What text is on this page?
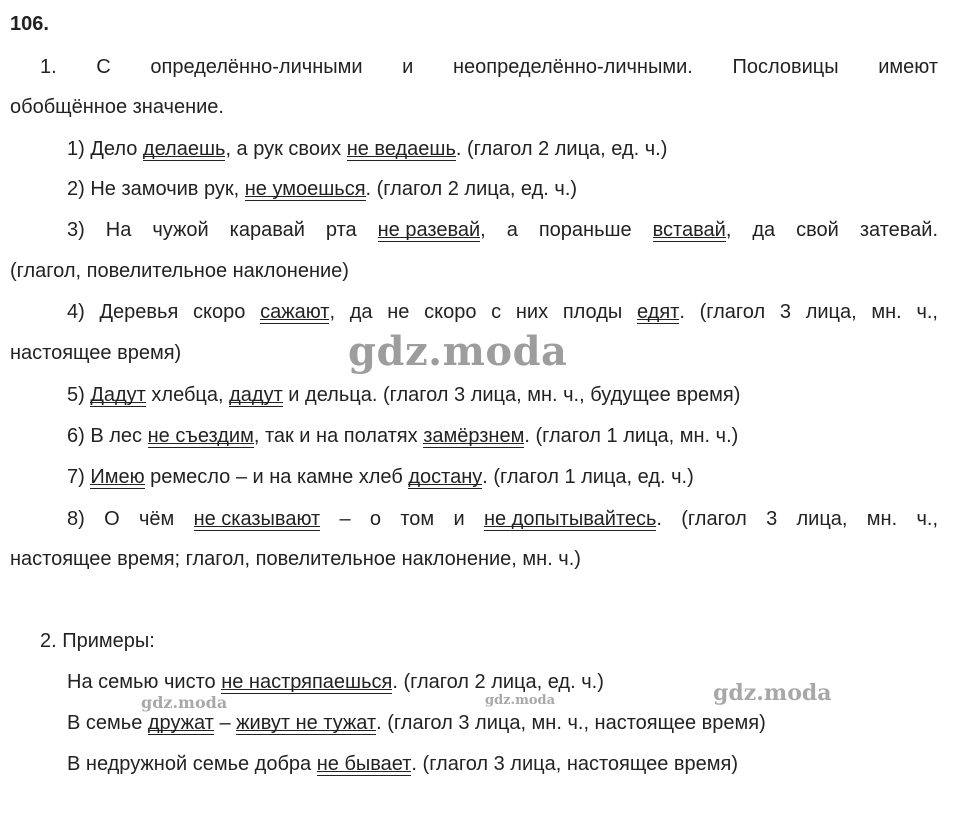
106.
1. С определённо-личными и неопределённо-личными. Пословицы имеют
обобщённое значение.
1) Дело делаешь, а рук своих не ведаешь. (глагол 2 лица, ед. ч.)
2) Не замочив рук, не умоешься. (глагол 2 лица, ед. ч.)
3) На чужой каравай рта не разевай, а пораньше вставай, да свой затевай.
(глагол, повелительное наклонение)
4) Деревья скоро сажают, да не скоро с них плоды едят. (глагол 3 лица, мн. ч.,
настоящее время)
5) Дадут хлебца, дадут и дельца. (глагол 3 лица, мн. ч., будущее время)
6) В лес не съездим, так и на полатях замёрзнем. (глагол 1 лица, мн. ч.)
7) Имею ремесло – и на камне хлеб достану. (глагол 1 лица, ед. ч.)
8) О чём не сказывают – о том и не допытывайтесь. (глагол 3 лица, мн. ч.,
настоящее время; глагол, повелительное наклонение, мн. ч.)
2. Примеры:
На семью чисто не настряпаешься. (глагол 2 лица, ед. ч.)
В семье дружат – живут не тужат. (глагол 3 лица, мн. ч., настоящее время)
В недружной семье добра не бывает. (глагол 3 лица, настоящее время)
gdz.moda
gdz.moda
gdz.moda	gdz.moda
